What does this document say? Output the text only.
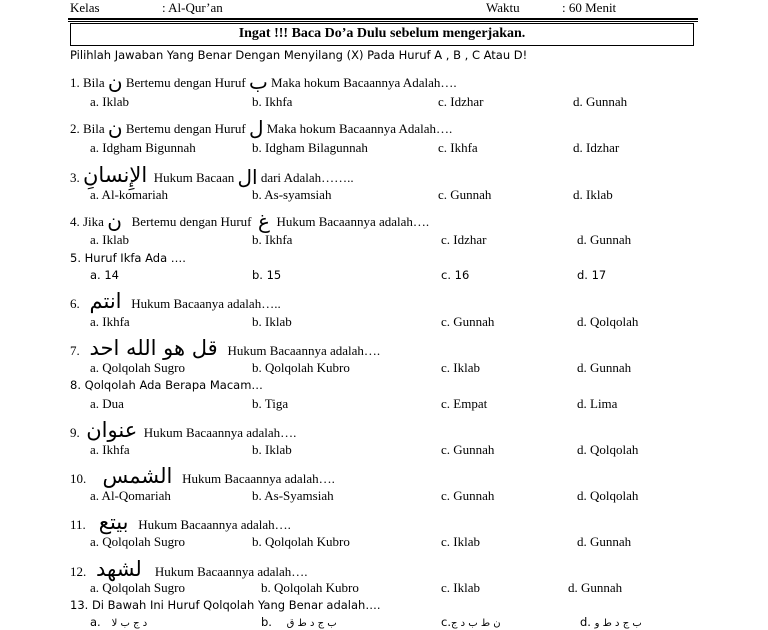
Kelas	: Al-Qur’an	Waktu	: 60 Menit
Ingat !!! Baca Do’a Dulu sebelum mengerjakan.
Pilihlah Jawaban Yang Benar Dengan Menyilang (X) Pada Huruf A , B , C Atau D!
1. Bila ن Bertemu dengan Huruf ب Maka hokum Bacaannya Adalah….
a. Iklab	b. Ikhfa	c. Idzhar	d. Gunnah
2. Bila ن Bertemu dengan Huruf ل Maka hokum Bacaannya Adalah….
a. Idgham Bigunnah	b. Idgham Bilagunnah	c. Ikhfa	d. Idzhar
3. الإِنسانِ Hukum Bacaan ال dari Adalah……..
a. Al-komariah	b. As-syamsiah	c. Gunnah	d. Iklab
4. Jika ن Bertemu dengan Huruf غ Hukum Bacaannya adalah….
a. Iklab	b. Ikhfa	c. Idzhar	d. Gunnah
5. Huruf Ikfa Ada ….
a. 14	b. 15	c. 16	d. 17
6. انتم Hukum Bacaanya adalah…..
a. Ikhfa	b. Iklab	c. Gunnah	d. Qolqolah
7. قل هو الله احد Hukum Bacaannya adalah….
a. Qolqolah Sugro	b. Qolqolah Kubro	c. Iklab	d. Gunnah
8. Qolqolah Ada Berapa Macam…
a. Dua	b. Tiga	c. Empat	d. Lima
9. عنوان Hukum Bacaannya adalah….
a. Ikhfa	b. Iklab	c. Gunnah	d. Qolqolah
10. الشمس Hukum Bacaannya adalah….
a. Al-Qomariah	b. As-Syamsiah	c. Gunnah	d. Qolqolah
11. بيتع Hukum Bacaannya adalah….
a. Qolqolah Sugro	b. Qolqolah Kubro	c. Iklab	d. Gunnah
12. لشهد Hukum Bacaannya adalah….
a. Qolqolah Sugro	b. Qolqolah Kubro	c. Iklab	d. Gunnah
13. Di Bawah Ini Huruf Qolqolah Yang Benar adalah….
a. د ج ب لا	b. ب ج د ط ق	c.ن ط ب د ج	d. ب ج د ط و
